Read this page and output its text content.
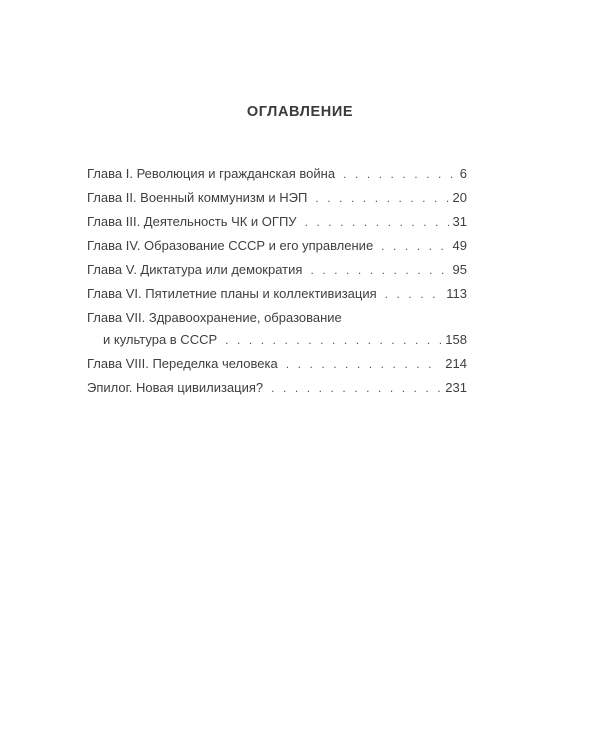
ОГЛАВЛЕНИЕ
Глава I. Революция и гражданская война . . .	6
Глава II. Военный коммунизм и НЭП . . .	20
Глава III. Деятельность ЧК и ОГПУ . . .	31
Глава IV. Образование СССР и его управление . . .	49
Глава V. Диктатура или демократия . . .	95
Глава VI. Пятилетние планы и коллективизация . . .	113
Глава VII. Здравоохранение, образование
и культура в СССР . . .	158
Глава VIII. Переделка человека . . .	214
Эпилог. Новая цивилизация? . . .	231
